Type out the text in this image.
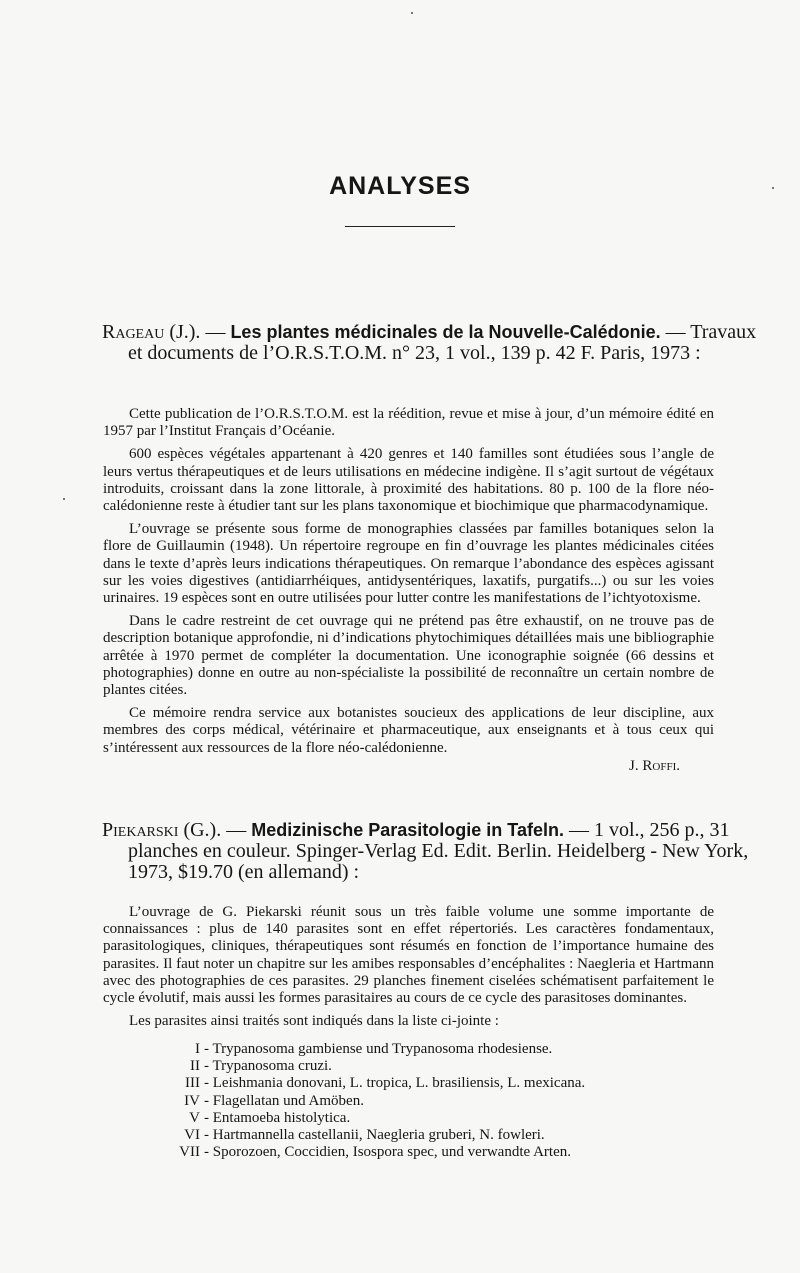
ANALYSES
Rageau (J.). — Les plantes médicinales de la Nouvelle-Calédonie. — Travaux et documents de l’O.R.S.T.O.M. n° 23, 1 vol., 139 p. 42 F. Paris, 1973 :

Cette publication de l’O.R.S.T.O.M. est la réédition, revue et mise à jour, d’un mémoire édité en 1957 par l’Institut Français d’Océanie.

600 espèces végétales appartenant à 420 genres et 140 familles sont étudiées sous l’angle de leurs vertus thérapeutiques et de leurs utilisations en médecine indigène. Il s’agit surtout de végétaux introduits, croissant dans la zone littorale, à proximité des habitations. 80 p. 100 de la flore néo-calédonienne reste à étudier tant sur les plans taxonomique et biochimique que pharmacodynamique.

L’ouvrage se présente sous forme de monographies classées par familles botaniques selon la flore de Guillaumin (1948). Un répertoire regroupe en fin d’ouvrage les plantes médicinales citées dans le texte d’après leurs indications thérapeutiques. On remarque l’abondance des espèces agissant sur les voies digestives (antidiarrhéiques, antidysentériques, laxatifs, purgatifs...) ou sur les voies urinaires. 19 espèces sont en outre utilisées pour lutter contre les manifestations de l’ichtyotoxisme.

Dans le cadre restreint de cet ouvrage qui ne prétend pas être exhaustif, on ne trouve pas de description botanique approfondie, ni d’indications phytochimiques détaillées mais une bibliographie arrêtée à 1970 permet de compléter la documentation. Une iconographie soignée (66 dessins et photographies) donne en outre au non-spécialiste la possibilité de reconnaître un certain nombre de plantes citées.

Ce mémoire rendra service aux botanistes soucieux des applications de leur discipline, aux membres des corps médical, vétérinaire et pharmaceutique, aux enseignants et à tous ceux qui s’intéressent aux ressources de la flore néo-calédonienne.

J. Roffi.
Piekarski (G.). — Medizinische Parasitologie in Tafeln. — 1 vol., 256 p., 31 planches en couleur. Spinger-Verlag Ed. Edit. Berlin. Heidelberg - New York, 1973, $19.70 (en allemand) :

L’ouvrage de G. Piekarski réunit sous un très faible volume une somme importante de connaissances : plus de 140 parasites sont en effet répertoriés. Les caractères fondamentaux, parasitologiques, cliniques, thérapeutiques sont résumés en fonction de l’importance humaine des parasites. Il faut noter un chapitre sur les amibes responsables d’encéphalites : Naegleria et Hartmann avec des photographies de ces parasites. 29 planches finement ciselées schématisent parfaitement le cycle évolutif, mais aussi les formes parasitaires au cours de ce cycle des parasitoses dominantes.

Les parasites ainsi traités sont indiqués dans la liste ci-jointe :

I - Trypanosoma gambiense und Trypanosoma rhodesiense.
II - Trypanosoma cruzi.
III - Leishmania donovani, L. tropica, L. brasiliensis, L. mexicana.
IV - Flagellatan und Amöben.
V - Entamoeba histolytica.
VI - Hartmannella castellanii, Naegleria gruberi, N. fowleri.
VII - Sporozoen, Coccidien, Isospora spec, und verwandte Arten.
